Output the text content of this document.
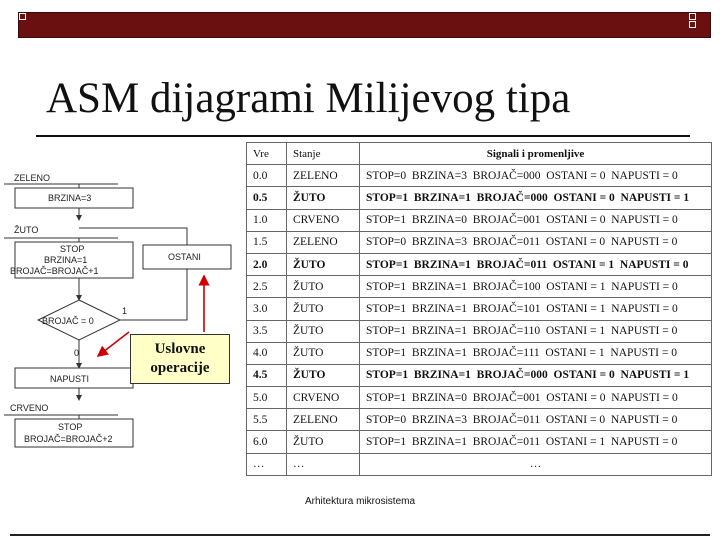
ASM dijagrami Milijevog tipa
ZELENO
BRZINA=3
ŽUTO
STOP
BRZINA=1
BROJAČ=BROJAČ+1
OSTANI
BROJAČ = 0
1
0
NAPUSTI
CRVENO
STOP
BROJAČ=BROJAČ+2
Uslovne
operacije
Vre	Stanje	Signali i promenljive
0.0	ZELENO	STOP=0  BRZINA=3  BROJAČ=000  OSTANI = 0  NAPUSTI = 0
0.5	ŽUTO	STOP=1  BRZINA=1  BROJAČ=000  OSTANI = 0  NAPUSTI = 1
1.0	CRVENO	STOP=1  BRZINA=0  BROJAČ=001  OSTANI = 0  NAPUSTI = 0
1.5	ZELENO	STOP=0  BRZINA=3  BROJAČ=011  OSTANI = 0  NAPUSTI = 0
2.0	ŽUTO	STOP=1  BRZINA=1  BROJAČ=011  OSTANI = 1  NAPUSTI = 0
2.5	ŽUTO	STOP=1  BRZINA=1  BROJAČ=100  OSTANI = 1  NAPUSTI = 0
3.0	ŽUTO	STOP=1  BRZINA=1  BROJAČ=101  OSTANI = 1  NAPUSTI = 0
3.5	ŽUTO	STOP=1  BRZINA=1  BROJAČ=110  OSTANI = 1  NAPUSTI = 0
4.0	ŽUTO	STOP=1  BRZINA=1  BROJAČ=111  OSTANI = 1  NAPUSTI = 0
4.5	ŽUTO	STOP=1  BRZINA=1  BROJAČ=000  OSTANI = 0  NAPUSTI = 1
5.0	CRVENO	STOP=1  BRZINA=0  BROJAČ=001  OSTANI = 0  NAPUSTI = 0
5.5	ZELENO	STOP=0  BRZINA=3  BROJAČ=011  OSTANI = 0  NAPUSTI = 0
6.0	ŽUTO	STOP=1  BRZINA=1  BROJAČ=011  OSTANI = 1  NAPUSTI = 0
…	…	…
Arhitektura mikrosistema
